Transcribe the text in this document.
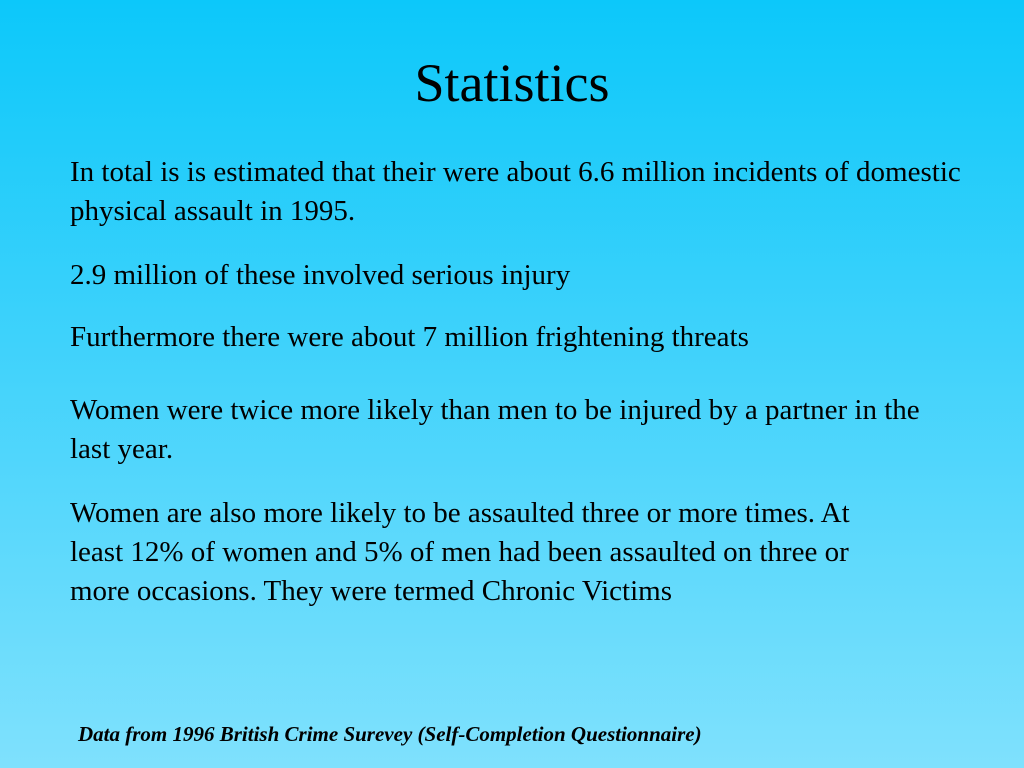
Statistics

In total is is estimated that their were about 6.6 million incidents of domestic physical assault in 1995.

2.9 million of these involved serious injury

Furthermore there were about 7 million frightening threats

Women were twice more likely than men to be injured by a partner in the last year.

Women are also more likely to be assaulted three or more times. At least 12% of women and 5% of men had been assaulted on three or more occasions. They were termed Chronic Victims

Data from 1996 British Crime Surevey (Self-Completion Questionnaire)
